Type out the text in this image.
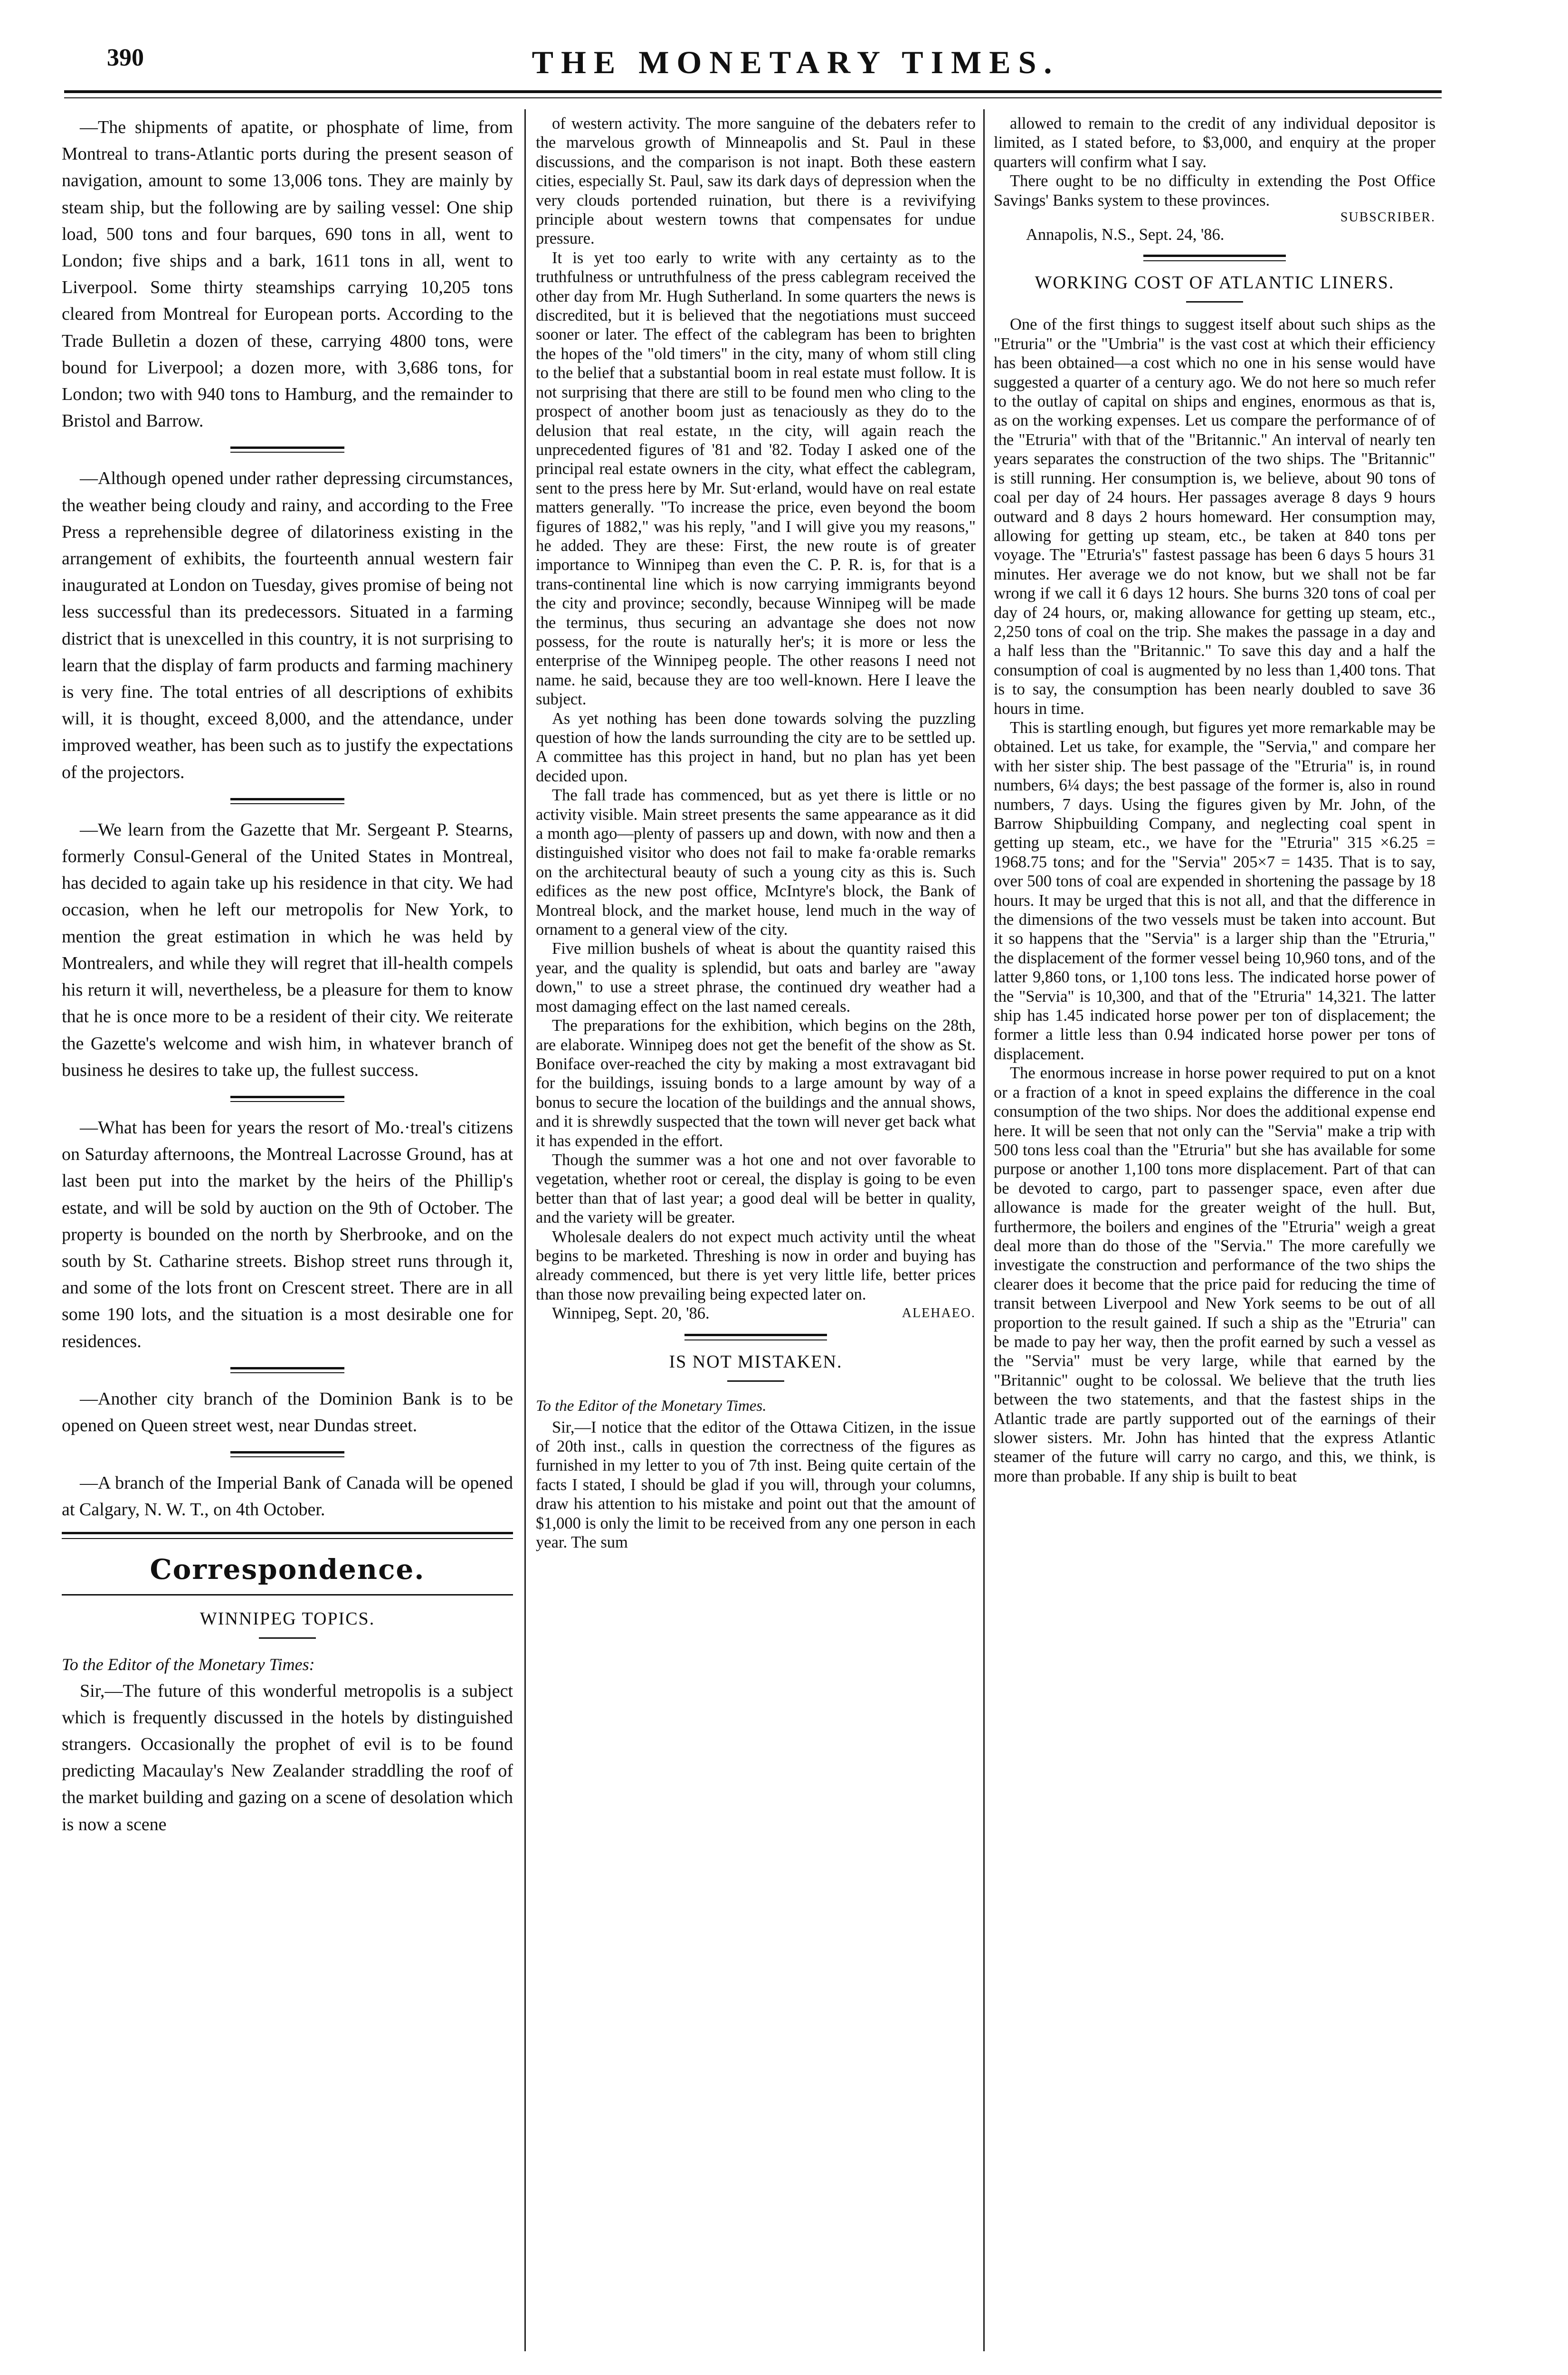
390	THE MONETARY TIMES.

—The shipments of apatite, or phosphate of lime, from Montreal to trans-Atlantic ports during the present season of navigation, amount to some 13,006 tons. They are mainly by steam ship, but the following are by sailing vessel: One ship load, 500 tons and four barques, 690 tons in all, went to London; five ships and a bark, 1611 tons in all, went to Liverpool. Some thirty steamships carrying 10,205 tons cleared from Montreal for European ports. According to the Trade Bulletin a dozen of these, carrying 4800 tons, were bound for Liverpool; a dozen more, with 3,686 tons, for London; two with 940 tons to Hamburg, and the remainder to Bristol and Barrow.

—Although opened under rather depressing circumstances, the weather being cloudy and rainy, and according to the Free Press a reprehensible degree of dilatoriness existing in the arrangement of exhibits, the fourteenth annual western fair inaugurated at London on Tuesday, gives promise of being not less successful than its predecessors. Situated in a farming district that is unexcelled in this country, it is not surprising to learn that the display of farm products and farming machinery is very fine. The total entries of all descriptions of exhibits will, it is thought, exceed 8,000, and the attendance, under improved weather, has been such as to justify the expectations of the projectors.

—We learn from the Gazette that Mr. Sergeant P. Stearns, formerly Consul-General of the United States in Montreal, has decided to again take up his residence in that city. We had occasion, when he left our metropolis for New York, to mention the great estimation in which he was held by Montrealers, and while they will regret that ill-health compels his return it will, nevertheless, be a pleasure for them to know that he is once more to be a resident of their city. We reiterate the Gazette's welcome and wish him, in whatever branch of business he desires to take up, the fullest success.

—What has been for years the resort of Mo.·treal's citizens on Saturday afternoons, the Montreal Lacrosse Ground, has at last been put into the market by the heirs of the Phillip's estate, and will be sold by auction on the 9th of October. The property is bounded on the north by Sherbrooke, and on the south by St. Catharine streets. Bishop street runs through it, and some of the lots front on Crescent street. There are in all some 190 lots, and the situation is a most desirable one for residences.

—Another city branch of the Dominion Bank is to be opened on Queen street west, near Dundas street.

—A branch of the Imperial Bank of Canada will be opened at Calgary, N. W. T., on 4th October.

Correspondence.
WINNIPEG TOPICS.
To the Editor of the Monetary Times:

Sir,—The future of this wonderful metropolis is a subject which is frequently discussed in the hotels by distinguished strangers. Occasionally the prophet of evil is to be found predicting Macaulay's New Zealander straddling the roof of the market building and gazing on a scene of desolation which is now a scene

of western activity. The more sanguine of the debaters refer to the marvelous growth of Minneapolis and St. Paul in these discussions, and the comparison is not inapt. Both these eastern cities, especially St. Paul, saw its dark days of depression when the very clouds portended ruination, but there is a revivifying principle about western towns that compensates for undue pressure.

It is yet too early to write with any certainty as to the truthfulness or untruthfulness of the press cablegram received the other day from Mr. Hugh Sutherland. In some quarters the news is discredited, but it is believed that the negotiations must succeed sooner or later. The effect of the cablegram has been to brighten the hopes of the "old timers" in the city, many of whom still cling to the belief that a substantial boom in real estate must follow. It is not surprising that there are still to be found men who cling to the prospect of another boom just as tenaciously as they do to the delusion that real estate, ın the city, will again reach the unprecedented figures of '81 and '82. Today I asked one of the principal real estate owners in the city, what effect the cablegram, sent to the press here by Mr. Sut·erland, would have on real estate matters generally. "To increase the price, even beyond the boom figures of 1882," was his reply, "and I will give you my reasons," he added. They are these: First, the new route is of greater importance to Winnipeg than even the C. P. R. is, for that is a trans-continental line which is now carrying immigrants beyond the city and province; secondly, because Winnipeg will be made the terminus, thus securing an advantage she does not now possess, for the route is naturally her's; it is more or less the enterprise of the Winnipeg people. The other reasons I need not name. he said, because they are too well-known. Here I leave the subject.

As yet nothing has been done towards solving the puzzling question of how the lands surrounding the city are to be settled up. A committee has this project in hand, but no plan has yet been decided upon.

The fall trade has commenced, but as yet there is little or no activity visible. Main street presents the same appearance as it did a month ago—plenty of passers up and down, with now and then a distinguished visitor who does not fail to make fa·orable remarks on the architectural beauty of such a young city as this is. Such edifices as the new post office, McIntyre's block, the Bank of Montreal block, and the market house, lend much in the way of ornament to a general view of the city.

Five million bushels of wheat is about the quantity raised this year, and the quality is splendid, but oats and barley are "away down," to use a street phrase, the continued dry weather had a most damaging effect on the last named cereals.

The preparations for the exhibition, which begins on the 28th, are elaborate. Winnipeg does not get the benefit of the show as St. Boniface over-reached the city by making a most extravagant bid for the buildings, issuing bonds to a large amount by way of a bonus to secure the location of the buildings and the annual shows, and it is shrewdly suspected that the town will never get back what it has expended in the effort.

Though the summer was a hot one and not over favorable to vegetation, whether root or cereal, the display is going to be even better than that of last year; a good deal will be better in quality, and the variety will be greater.

Wholesale dealers do not expect much activity until the wheat begins to be marketed. Threshing is now in order and buying has already commenced, but there is yet very little life, better prices than those now prevailing being expected later on.

Winnipeg, Sept. 20, '86.	ALEHAEO.
IS NOT MISTAKEN.
To the Editor of the Monetary Times.

Sir,—I notice that the editor of the Ottawa Citizen, in the issue of 20th inst., calls in question the correctness of the figures as furnished in my letter to you of 7th inst. Being quite certain of the facts I stated, I should be glad if you will, through your columns, draw his attention to his mistake and point out that the amount of $1,000 is only the limit to be received from any one person in each year. The sum

allowed to remain to the credit of any individual depositor is limited, as I stated before, to $3,000, and enquiry at the proper quarters will confirm what I say.

There ought to be no difficulty in extending the Post Office Savings' Banks system to these provinces.

SUBSCRIBER.

Annapolis, N.S., Sept. 24, '86.

WORKING COST OF ATLANTIC LINERS.

One of the first things to suggest itself about such ships as the "Etruria" or the "Umbria" is the vast cost at which their efficiency has been obtained—a cost which no one in his sense would have suggested a quarter of a century ago. We do not here so much refer to the outlay of capital on ships and engines, enormous as that is, as on the working expenses. Let us compare the performance of of the "Etruria" with that of the "Britannic." An interval of nearly ten years separates the construction of the two ships. The "Britannic" is still running. Her consumption is, we believe, about 90 tons of coal per day of 24 hours. Her passages average 8 days 9 hours outward and 8 days 2 hours homeward. Her consumption may, allowing for getting up steam, etc., be taken at 840 tons per voyage. The "Etruria's" fastest passage has been 6 days 5 hours 31 minutes. Her average we do not know, but we shall not be far wrong if we call it 6 days 12 hours. She burns 320 tons of coal per day of 24 hours, or, making allowance for getting up steam, etc., 2,250 tons of coal on the trip. She makes the passage in a day and a half less than the "Britannic." To save this day and a half the consumption of coal is augmented by no less than 1,400 tons. That is to say, the consumption has been nearly doubled to save 36 hours in time.

This is startling enough, but figures yet more remarkable may be obtained. Let us take, for example, the "Servia," and compare her with her sister ship. The best passage of the "Etruria" is, in round numbers, 6¼ days; the best passage of the former is, also in round numbers, 7 days. Using the figures given by Mr. John, of the Barrow Shipbuilding Company, and neglecting coal spent in getting up steam, etc., we have for the "Etruria" 315 ×6.25 = 1968.75 tons; and for the "Servia" 205×7 = 1435. That is to say, over 500 tons of coal are expended in shortening the passage by 18 hours. It may be urged that this is not all, and that the difference in the dimensions of the two vessels must be taken into account. But it so happens that the "Servia" is a larger ship than the "Etruria," the displacement of the former vessel being 10,960 tons, and of the latter 9,860 tons, or 1,100 tons less. The indicated horse power of the "Servia" is 10,300, and that of the "Etruria" 14,321. The latter ship has 1.45 indicated horse power per ton of displacement; the former a little less than 0.94 indicated horse power per tons of displacement.

The enormous increase in horse power required to put on a knot or a fraction of a knot in speed explains the difference in the coal consumption of the two ships. Nor does the additional expense end here. It will be seen that not only can the "Servia" make a trip with 500 tons less coal than the "Etruria" but she has available for some purpose or another 1,100 tons more displacement. Part of that can be devoted to cargo, part to passenger space, even after due allowance is made for the greater weight of the hull. But, furthermore, the boilers and engines of the "Etruria" weigh a great deal more than do those of the "Servia." The more carefully we investigate the construction and performance of the two ships the clearer does it become that the price paid for reducing the time of transit between Liverpool and New York seems to be out of all proportion to the result gained. If such a ship as the "Etruria" can be made to pay her way, then the profit earned by such a vessel as the "Servia" must be very large, while that earned by the "Britannic" ought to be colossal. We believe that the truth lies between the two statements, and that the fastest ships in the Atlantic trade are partly supported out of the earnings of their slower sisters. Mr. John has hinted that the express Atlantic steamer of the future will carry no cargo, and this, we think, is more than probable. If any ship is built to beat
